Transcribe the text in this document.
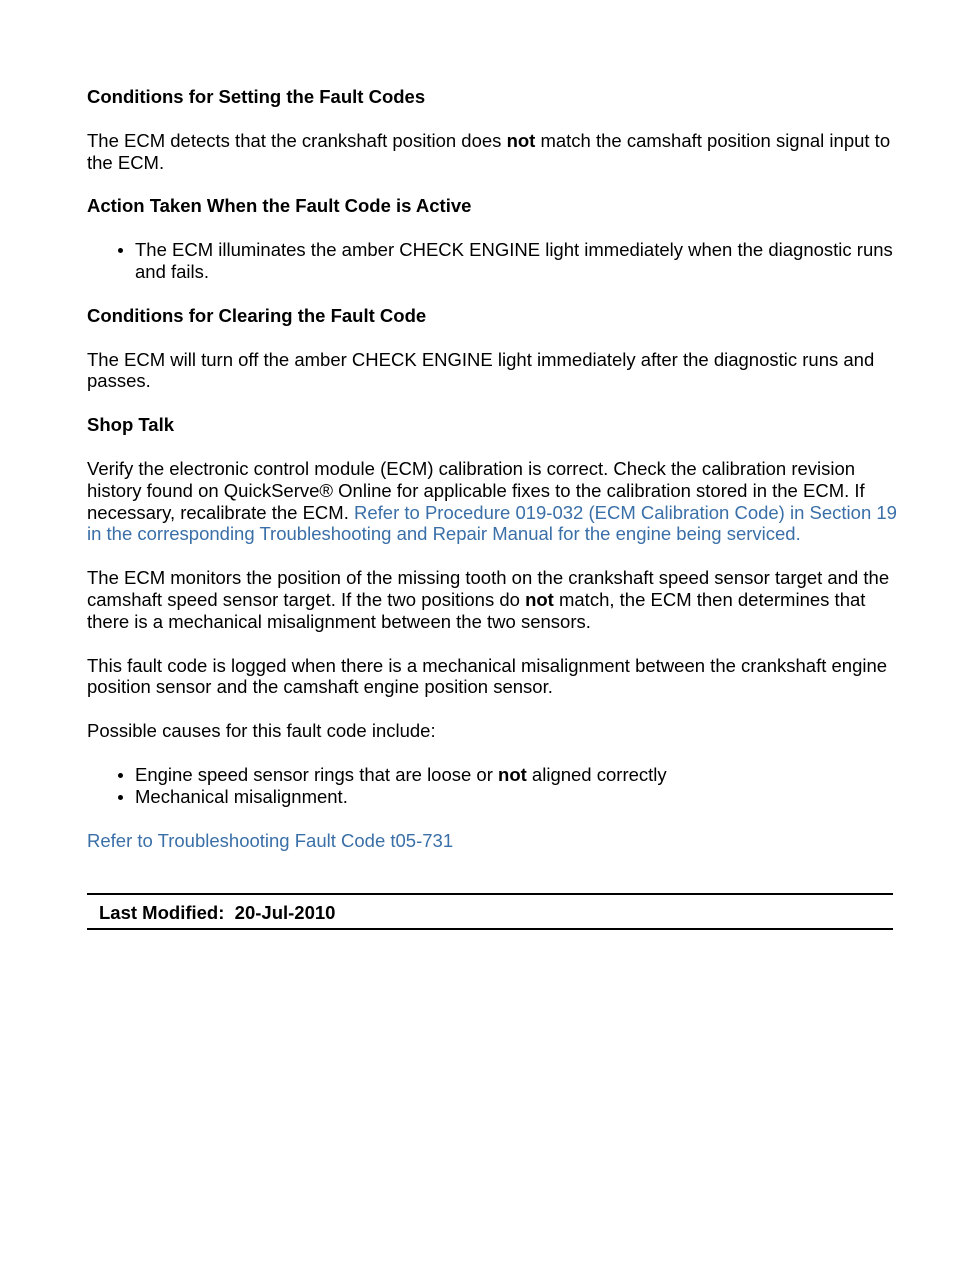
Conditions for Setting the Fault Codes

The ECM detects that the crankshaft position does not match the camshaft position signal input to the ECM.

Action Taken When the Fault Code is Active
The ECM illuminates the amber CHECK ENGINE light immediately when the diagnostic runs and fails.
Conditions for Clearing the Fault Code

The ECM will turn off the amber CHECK ENGINE light immediately after the diagnostic runs and passes.

Shop Talk

Verify the electronic control module (ECM) calibration is correct. Check the calibration revision history found on QuickServe® Online for applicable fixes to the calibration stored in the ECM. If necessary, recalibrate the ECM. Refer to Procedure 019-032 (ECM Calibration Code) in Section 19 in the corresponding Troubleshooting and Repair Manual for the engine being serviced.

The ECM monitors the position of the missing tooth on the crankshaft speed sensor target and the camshaft speed sensor target. If the two positions do not match, the ECM then determines that there is a mechanical misalignment between the two sensors.

This fault code is logged when there is a mechanical misalignment between the crankshaft engine position sensor and the camshaft engine position sensor.

Possible causes for this fault code include:

Engine speed sensor rings that are loose or not aligned correctly
Mechanical misalignment.

Refer to Troubleshooting Fault Code t05-731

Last Modified: 20-Jul-2010
